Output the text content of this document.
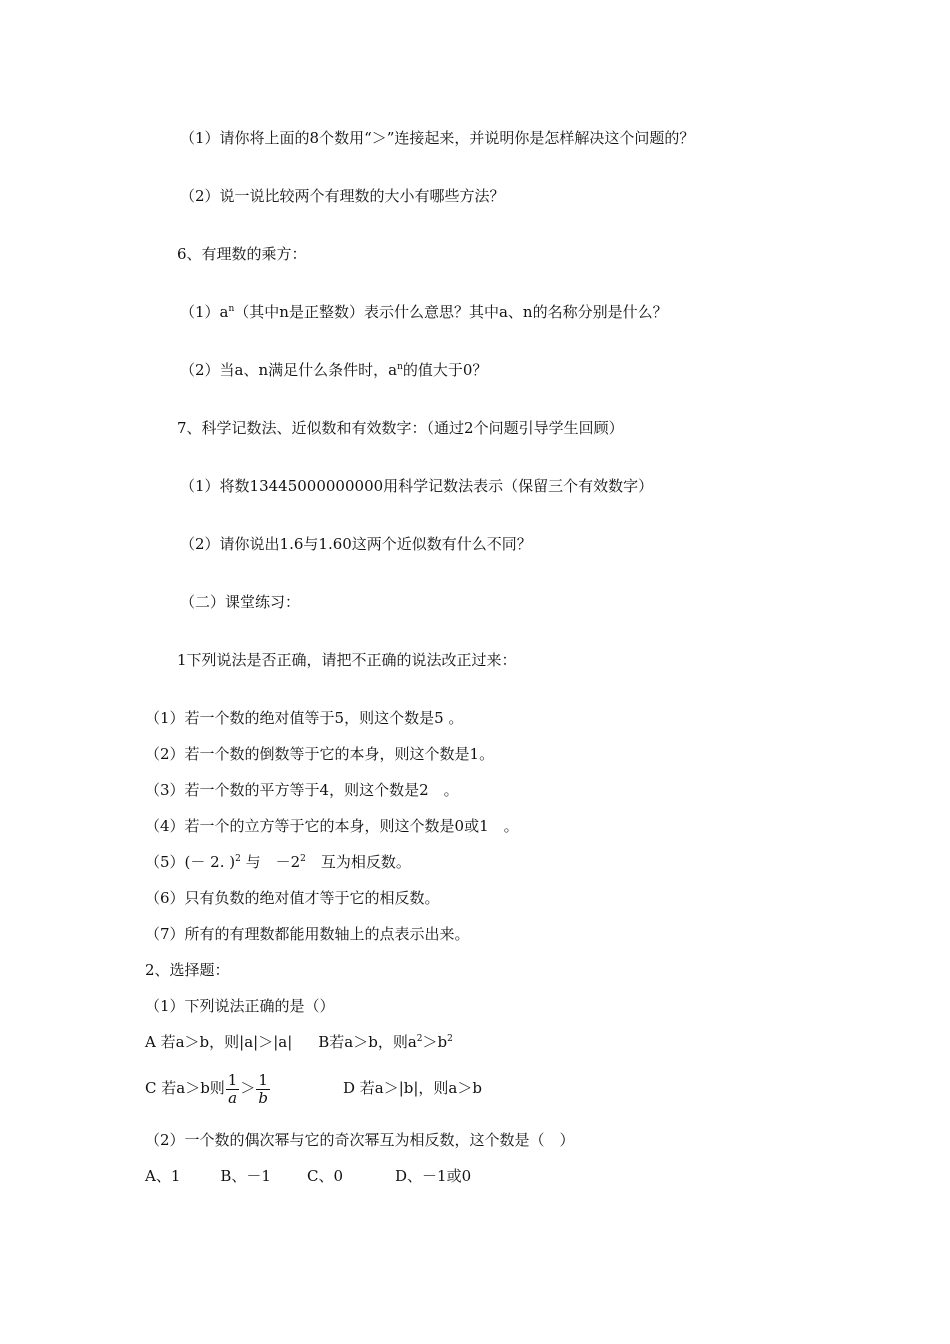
（1）请你将上面的8个数用“＞”连接起来，并说明你是怎样解决这个问题的？
（2）说一说比较两个有理数的大小有哪些方法？
6、有理数的乘方：
$(1)a^n$（其中n是正整数）表示什么意思？其中a、n的名称分别是什么？
（2）当a、n满足什么条件时，$a^n$的值大于0？
7、科学记数法、近似数和有效数字：（通过2个问题引导学生回顾）
（1）将数13445000000000用科学记数法表示（保留三个有效数字）
（2）请你说出1.6与1.60这两个近似数有什么不同？
（二）课堂练习：
1下列说法是否正确，请把不正确的说法改正过来：
（1）若一个数的绝对值等于5，则这个数是5 。
（2）若一个数的倒数等于它的本身，则这个数是1。
（3）若一个数的平方等于4，则这个数是2　。
（4）若一个的立方等于它的本身，则这个数是0或1　。
（5）(－ 2. )$^2$ 与　$-2^2$　互为相反数。
（6）只有负数的绝对值才等于它的相反数。
（7）所有的有理数都能用数轴上的点表示出来。
2、选择题：
（1）下列说法正确的是（）
A 若a＞b，则|a|＞|a| B若a＞b，则$a^2>b^2$
C 若a＞b则 $\frac{1}{a} > \frac{1}{b}$	D 若a＞|b|，则a＞b
（2）一个数的偶次幂与它的奇次幂互为相反数，这个数是（　）
A、1	B、－1 C、0	D、－1或0
